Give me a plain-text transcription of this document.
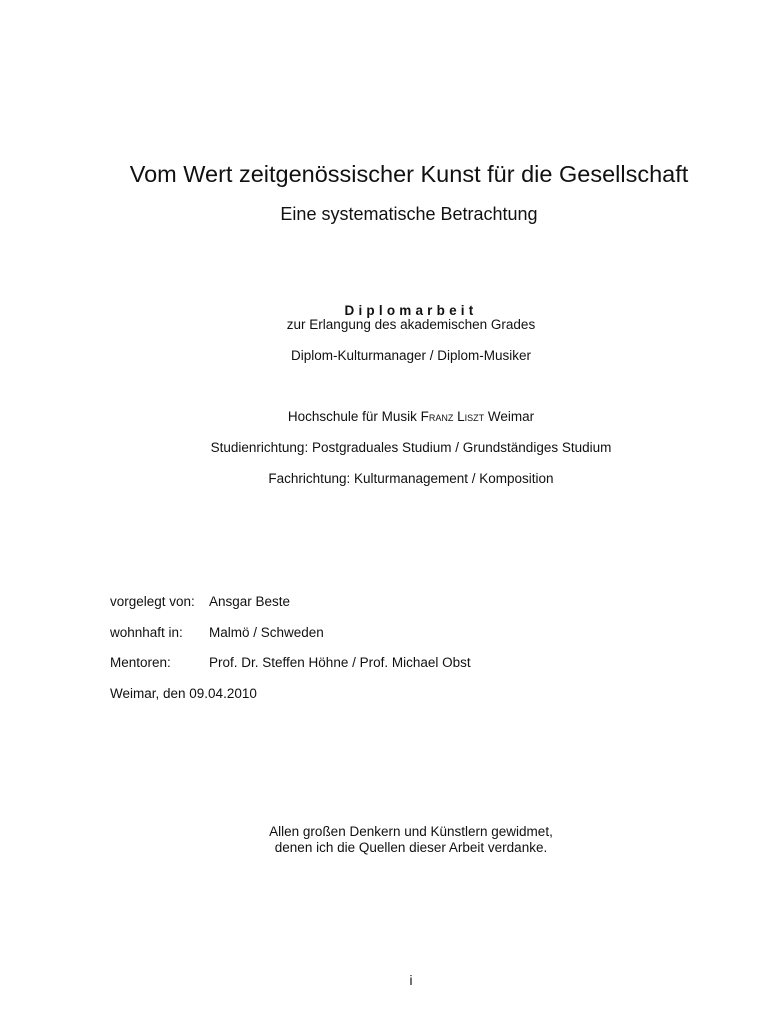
Vom Wert zeitgenössischer Kunst für die Gesellschaft
Eine systematische Betrachtung
Diplomarbeit
zur Erlangung des akademischen Grades
Diplom-Kulturmanager / Diplom-Musiker
Hochschule für Musik Franz Liszt Weimar
Studienrichtung: Postgraduales Studium / Grundständiges Studium
Fachrichtung: Kulturmanagement / Komposition
vorgelegt von: Ansgar Beste
wohnhaft in: Malmö / Schweden
Mentoren:	Prof. Dr. Steffen Höhne / Prof. Michael Obst
Weimar, den 09.04.2010
Allen großen Denkern und Künstlern gewidmet,
denen ich die Quellen dieser Arbeit verdanke.
i
